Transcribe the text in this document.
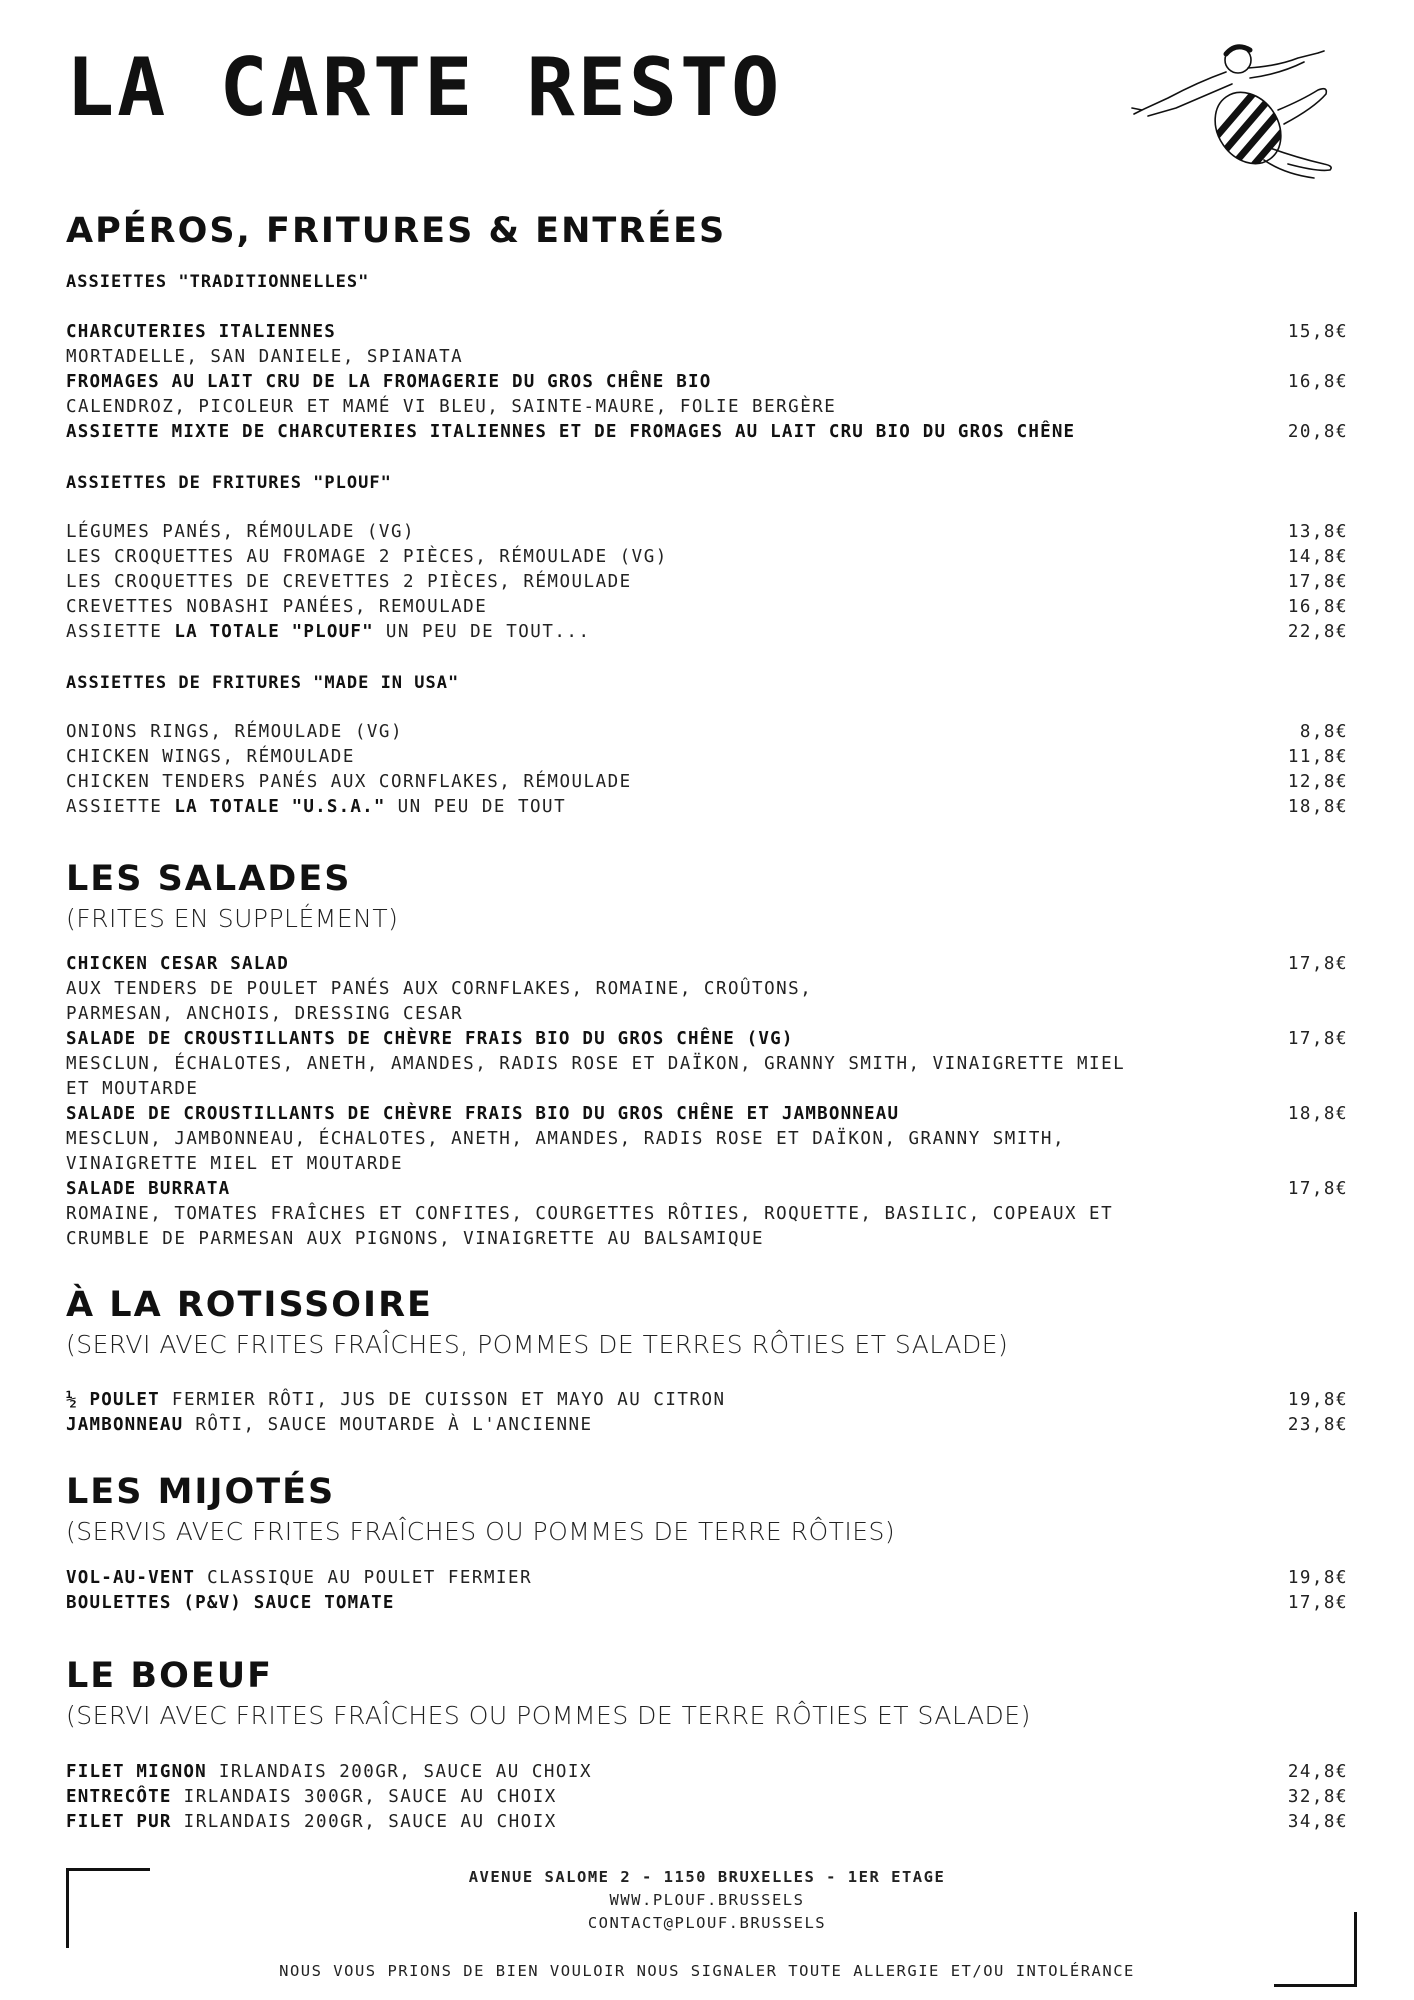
LA CARTE RESTO
APÉROS, FRITURES & ENTRÉES
ASSIETTES "TRADITIONNELLES"
CHARCUTERIES ITALIENNES	15,8€
MORTADELLE, SAN DANIELE, SPIANATA
FROMAGES AU LAIT CRU DE LA FROMAGERIE DU GROS CHÊNE BIO	16,8€
CALENDROZ, PICOLEUR ET MAMÉ VI BLEU, SAINTE-MAURE, FOLIE BERGÈRE
ASSIETTE MIXTE DE CHARCUTERIES ITALIENNES ET DE FROMAGES AU LAIT CRU BIO DU GROS CHÊNE	20,8€
ASSIETTES DE FRITURES "PLOUF"
LÉGUMES PANÉS, RÉMOULADE (VG)	13,8€
LES CROQUETTES AU FROMAGE 2 PIÈCES, RÉMOULADE (VG)	14,8€
LES CROQUETTES DE CREVETTES 2 PIÈCES, RÉMOULADE	17,8€
CREVETTES NOBASHI PANÉES, REMOULADE	16,8€
ASSIETTE LA TOTALE "PLOUF" UN PEU DE TOUT...	22,8€
ASSIETTES DE FRITURES "MADE IN USA"
ONIONS RINGS, RÉMOULADE (VG)	8,8€
CHICKEN WINGS, RÉMOULADE	11,8€
CHICKEN TENDERS PANÉS AUX CORNFLAKES, RÉMOULADE	12,8€
ASSIETTE LA TOTALE "U.S.A." UN PEU DE TOUT	18,8€
LES SALADES
(FRITES EN SUPPLÉMENT)
CHICKEN CESAR SALAD	17,8€
AUX TENDERS DE POULET PANÉS AUX CORNFLAKES, ROMAINE, CROÛTONS,
PARMESAN, ANCHOIS, DRESSING CESAR
SALADE DE CROUSTILLANTS DE CHÈVRE FRAIS BIO DU GROS CHÊNE (VG)	17,8€
MESCLUN, ÉCHALOTES, ANETH, AMANDES, RADIS ROSE ET DAÏKON, GRANNY SMITH, VINAIGRETTE MIEL
ET MOUTARDE
SALADE DE CROUSTILLANTS DE CHÈVRE FRAIS BIO DU GROS CHÊNE ET JAMBONNEAU	18,8€
MESCLUN, JAMBONNEAU, ÉCHALOTES, ANETH, AMANDES, RADIS ROSE ET DAÏKON, GRANNY SMITH,
VINAIGRETTE MIEL ET MOUTARDE
SALADE BURRATA	17,8€
ROMAINE, TOMATES FRAÎCHES ET CONFITES, COURGETTES RÔTIES, ROQUETTE, BASILIC, COPEAUX ET
CRUMBLE DE PARMESAN AUX PIGNONS, VINAIGRETTE AU BALSAMIQUE
À LA ROTISSOIRE
(SERVI AVEC FRITES FRAÎCHES, POMMES DE TERRES RÔTIES ET SALADE)
½ POULET FERMIER RÔTI, JUS DE CUISSON ET MAYO AU CITRON	19,8€
JAMBONNEAU RÔTI, SAUCE MOUTARDE À L'ANCIENNE	23,8€
LES MIJOTÉS
(SERVIS AVEC FRITES FRAÎCHES OU POMMES DE TERRE RÔTIES)
VOL-AU-VENT CLASSIQUE AU POULET FERMIER	19,8€
BOULETTES (P&V) SAUCE TOMATE	17,8€
LE BOEUF
(SERVI AVEC FRITES FRAÎCHES OU POMMES DE TERRE RÔTIES ET SALADE)
FILET MIGNON IRLANDAIS 200GR, SAUCE AU CHOIX	24,8€
ENTRECÔTE IRLANDAIS 300GR, SAUCE AU CHOIX	32,8€
FILET PUR IRLANDAIS 200GR, SAUCE AU CHOIX	34,8€
AVENUE SALOME 2 - 1150 BRUXELLES - 1ER ETAGE
WWW.PLOUF.BRUSSELS
CONTACT@PLOUF.BRUSSELS
NOUS VOUS PRIONS DE BIEN VOULOIR NOUS SIGNALER TOUTE ALLERGIE ET/OU INTOLÉRANCE
